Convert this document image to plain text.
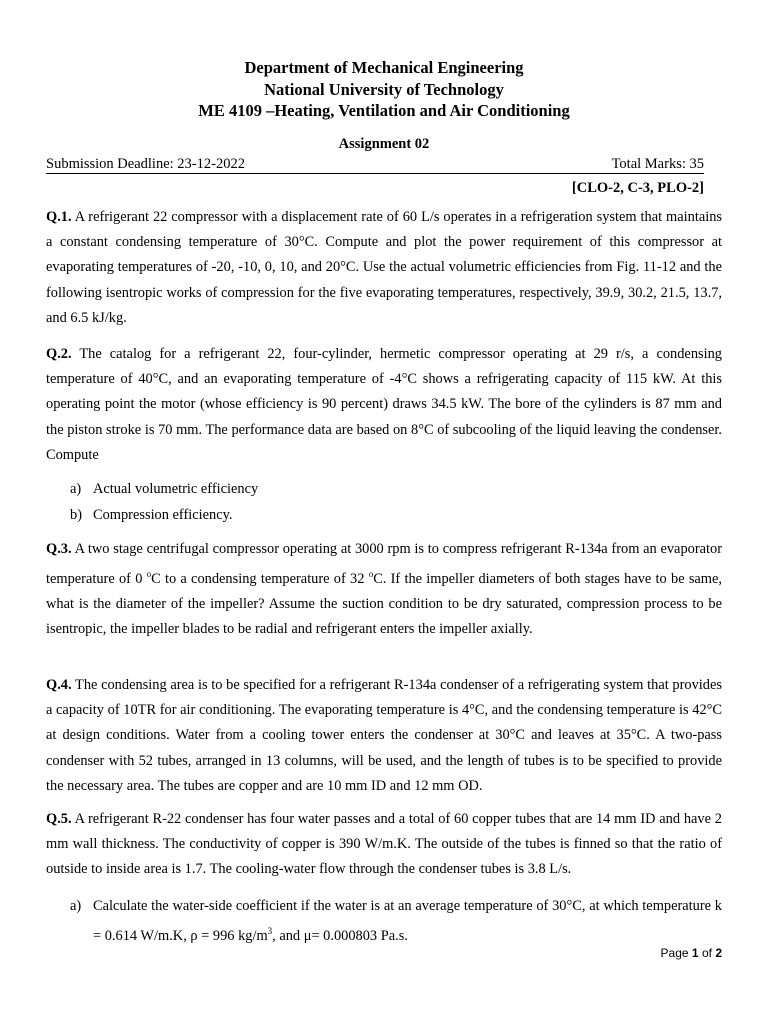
Department of Mechanical Engineering
National University of Technology
ME 4109 –Heating, Ventilation and Air Conditioning
Assignment 02
Submission Deadline: 23-12-2022	Total Marks: 35
[CLO-2, C-3, PLO-2]
Q.1. A refrigerant 22 compressor with a displacement rate of 60 L/s operates in a refrigeration system that maintains a constant condensing temperature of 30°C. Compute and plot the power requirement of this compressor at evaporating temperatures of -20, -10, 0, 10, and 20°C. Use the actual volumetric efficiencies from Fig. 11-12 and the following isentropic works of compression for the five evaporating temperatures, respectively, 39.9, 30.2, 21.5, 13.7, and 6.5 kJ/kg.
Q.2. The catalog for a refrigerant 22, four-cylinder, hermetic compressor operating at 29 r/s, a condensing temperature of 40°C, and an evaporating temperature of -4°C shows a refrigerating capacity of 115 kW. At this operating point the motor (whose efficiency is 90 percent) draws 34.5 kW. The bore of the cylinders is 87 mm and the piston stroke is 70 mm. The performance data are based on 8°C of subcooling of the liquid leaving the condenser. Compute
a) Actual volumetric efficiency
b) Compression efficiency.
Q.3. A two stage centrifugal compressor operating at 3000 rpm is to compress refrigerant R-134a from an evaporator temperature of 0 $^o$C to a condensing temperature of 32 $^o$C. If the impeller diameters of both stages have to be same, what is the diameter of the impeller? Assume the suction condition to be dry saturated, compression process to be isentropic, the impeller blades to be radial and refrigerant enters the impeller axially.
Q.4. The condensing area is to be specified for a refrigerant R-134a condenser of a refrigerating system that provides a capacity of 10TR for air conditioning. The evaporating temperature is 4°C, and the condensing temperature is 42°C at design conditions. Water from a cooling tower enters the condenser at 30°C and leaves at 35°C. A two-pass condenser with 52 tubes, arranged in 13 columns, will be used, and the length of tubes is to be specified to provide the necessary area. The tubes are copper and are 10 mm ID and 12 mm OD.
Q.5. A refrigerant R-22 condenser has four water passes and a total of 60 copper tubes that are 14 mm ID and have 2 mm wall thickness. The conductivity of copper is 390 W/m.K. The outside of the tubes is finned so that the ratio of outside to inside area is 1.7. The cooling-water flow through the condenser tubes is 3.8 L/s.
a) Calculate the water-side coefficient if the water is at an average temperature of 30°C, at which temperature k = 0.614 W/m.K, ρ = 996 $kg/m^3$, and μ= 0.000803 Pa.s.
Page 1 of 2
